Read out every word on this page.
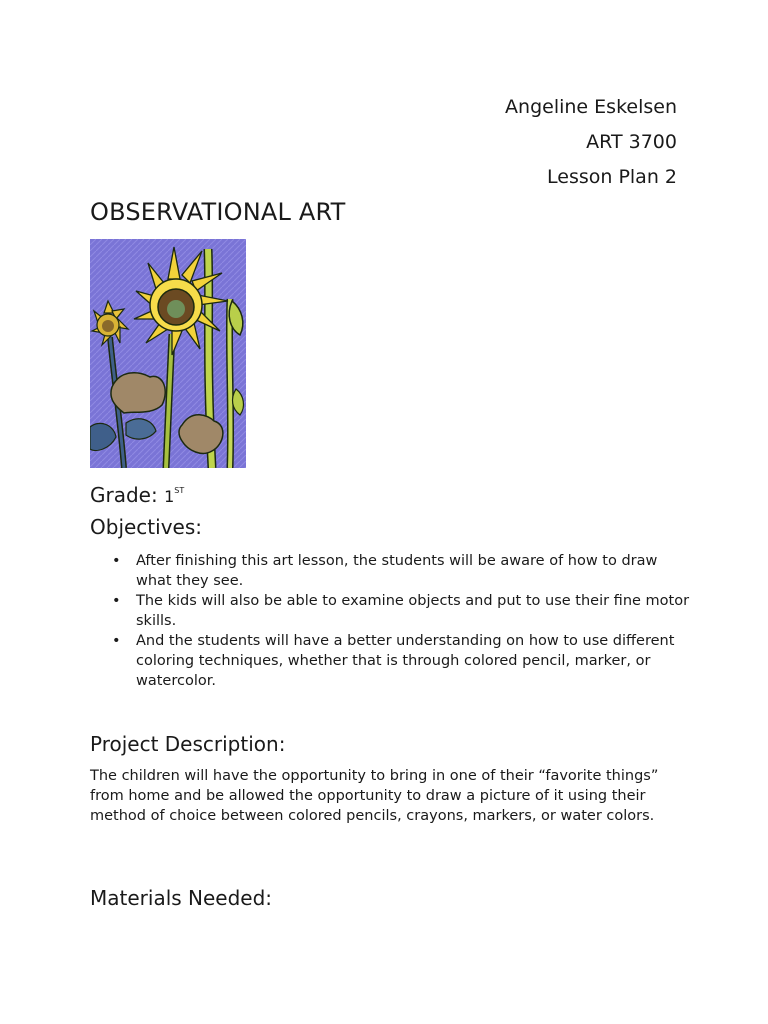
Angeline Eskelsen
ART 3700
Lesson Plan 2
OBSERVATIONAL ART
Grade: 1ST
Objectives:
• After finishing this art lesson, the students will be aware of how to draw what they see.
• The kids will also be able to examine objects and put to use their fine motor skills.
• And the students will have a better understanding on how to use different coloring techniques, whether that is through colored pencil, marker, or watercolor.
Project Description:

The children will have the opportunity to bring in one of their “favorite things” from home and be allowed the opportunity to draw a picture of it using their method of choice between colored pencils, crayons, markers, or water colors.

Materials Needed:
